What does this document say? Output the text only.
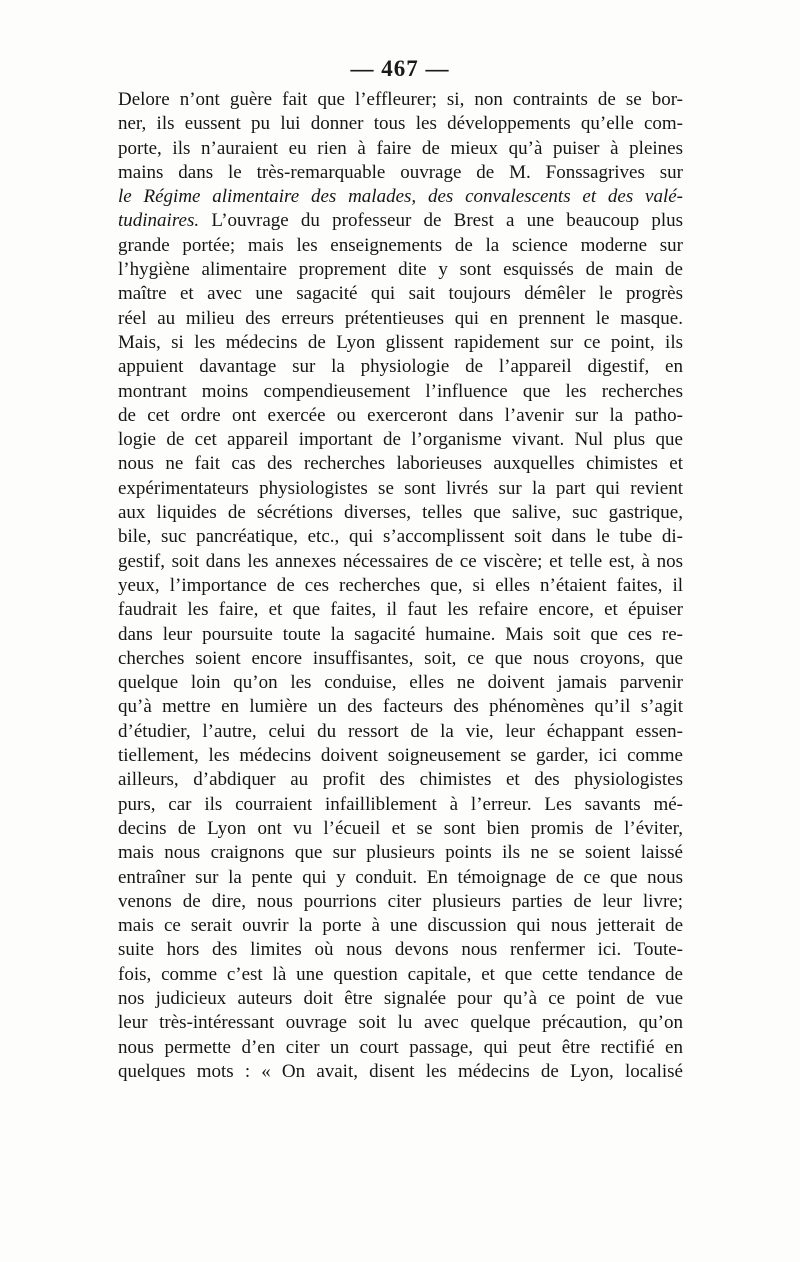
— 467 —
Delore n’ont guère fait que l’effleurer; si, non contraints de se bor-
ner, ils eussent pu lui donner tous les développements qu’elle com-
porte, ils n’auraient eu rien à faire de mieux qu’à puiser à pleines
mains dans le très-remarquable ouvrage de M. Fonssagrives sur
le Régime alimentaire des malades, des convalescents et des valé-
tudinaires. L’ouvrage du professeur de Brest a une beaucoup plus
grande portée; mais les enseignements de la science moderne sur
l’hygiène alimentaire proprement dite y sont esquissés de main de
maître et avec une sagacité qui sait toujours démêler le progrès
réel au milieu des erreurs prétentieuses qui en prennent le masque.
Mais, si les médecins de Lyon glissent rapidement sur ce point, ils
appuient davantage sur la physiologie de l’appareil digestif, en
montrant moins compendieusement l’influence que les recherches
de cet ordre ont exercée ou exerceront dans l’avenir sur la patho-
logie de cet appareil important de l’organisme vivant. Nul plus que
nous ne fait cas des recherches laborieuses auxquelles chimistes et
expérimentateurs physiologistes se sont livrés sur la part qui revient
aux liquides de sécrétions diverses, telles que salive, suc gastrique,
bile, suc pancréatique, etc., qui s’accomplissent soit dans le tube di-
gestif, soit dans les annexes nécessaires de ce viscère; et telle est, à nos
yeux, l’importance de ces recherches que, si elles n’étaient faites, il
faudrait les faire, et que faites, il faut les refaire encore, et épuiser
dans leur poursuite toute la sagacité humaine. Mais soit que ces re-
cherches soient encore insuffisantes, soit, ce que nous croyons, que
quelque loin qu’on les conduise, elles ne doivent jamais parvenir
qu’à mettre en lumière un des facteurs des phénomènes qu’il s’agit
d’étudier, l’autre, celui du ressort de la vie, leur échappant essen-
tiellement, les médecins doivent soigneusement se garder, ici comme
ailleurs, d’abdiquer au profit des chimistes et des physiologistes
purs, car ils courraient infailliblement à l’erreur. Les savants mé-
decins de Lyon ont vu l’écueil et se sont bien promis de l’éviter,
mais nous craignons que sur plusieurs points ils ne se soient laissé
entraîner sur la pente qui y conduit. En témoignage de ce que nous
venons de dire, nous pourrions citer plusieurs parties de leur livre;
mais ce serait ouvrir la porte à une discussion qui nous jetterait de
suite hors des limites où nous devons nous renfermer ici. Toute-
fois, comme c’est là une question capitale, et que cette tendance de
nos judicieux auteurs doit être signalée pour qu’à ce point de vue
leur très-intéressant ouvrage soit lu avec quelque précaution, qu’on
nous permette d’en citer un court passage, qui peut être rectifié en
quelques mots : « On avait, disent les médecins de Lyon, localisé
